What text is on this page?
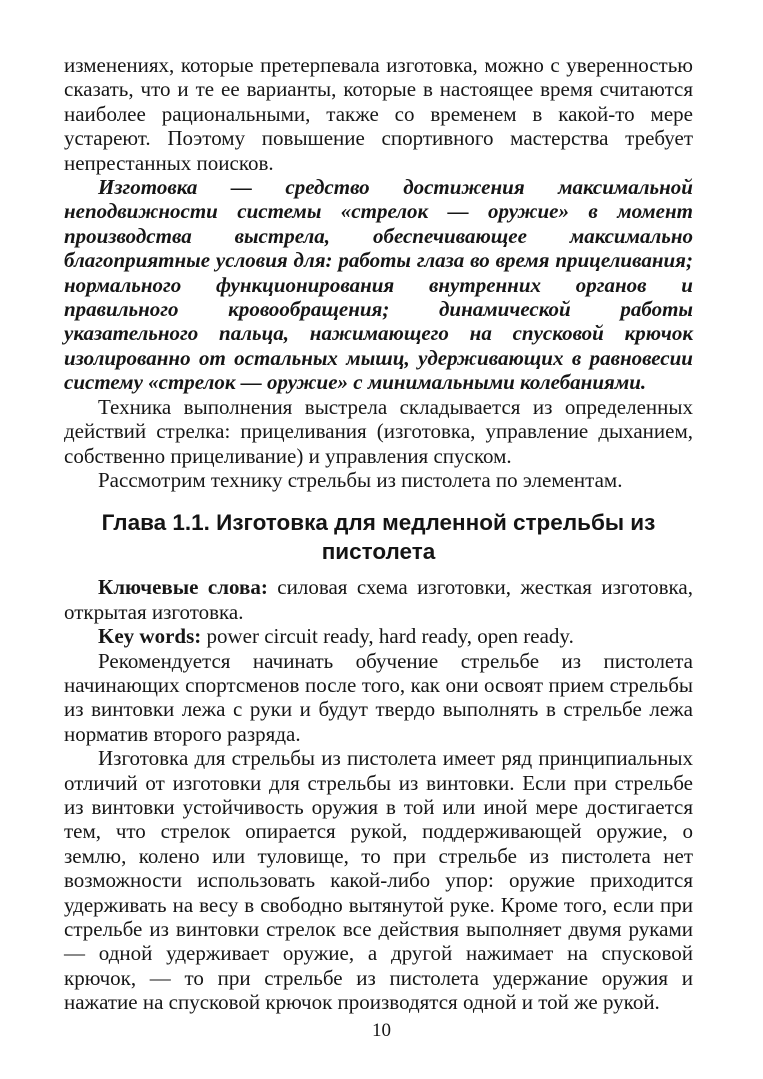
изменениях, которые претерпевала изготовка, можно с уверенностью сказать, что и те ее варианты, которые в настоящее время считаются наиболее рациональными, также со временем в какой-то мере устареют. Поэтому повышение спортивного мастерства требует непрестанных поисков.

Изготовка — средство достижения максимальной неподвижности системы «стрелок — оружие» в момент производства выстрела, обеспечивающее максимально благоприятные условия для: работы глаза во время прицеливания; нормального функционирования внутренних органов и правильного кровообращения; динамической работы указательного пальца, нажимающего на спусковой крючок изолированно от остальных мышц, удерживающих в равновесии систему «стрелок — оружие» с минимальными колебаниями.

Техника выполнения выстрела складывается из определенных действий стрелка: прицеливания (изготовка, управление дыханием, собственно прицеливание) и управления спуском.

Рассмотрим технику стрельбы из пистолета по элементам.

Глава 1.1. Изготовка для медленной стрельбы из пистолета

Ключевые слова: силовая схема изготовки, жесткая изготовка, открытая изготовка.

Key words: power circuit ready, hard ready, open ready.

Рекомендуется начинать обучение стрельбе из пистолета начинающих спортсменов после того, как они освоят прием стрельбы из винтовки лежа с руки и будут твердо выполнять в стрельбе лежа норматив второго разряда.

Изготовка для стрельбы из пистолета имеет ряд принципиальных отличий от изготовки для стрельбы из винтовки. Если при стрельбе из винтовки устойчивость оружия в той или иной мере достигается тем, что стрелок опирается рукой, поддерживающей оружие, о землю, колено или туловище, то при стрельбе из пистолета нет возможности использовать какой-либо упор: оружие приходится удерживать на весу в свободно вытянутой руке. Кроме того, если при стрельбе из винтовки стрелок все действия выполняет двумя руками — одной удерживает оружие, а другой нажимает на спусковой крючок, — то при стрельбе из пистолета удержание оружия и нажатие на спусковой крючок производятся одной и той же рукой.

10
